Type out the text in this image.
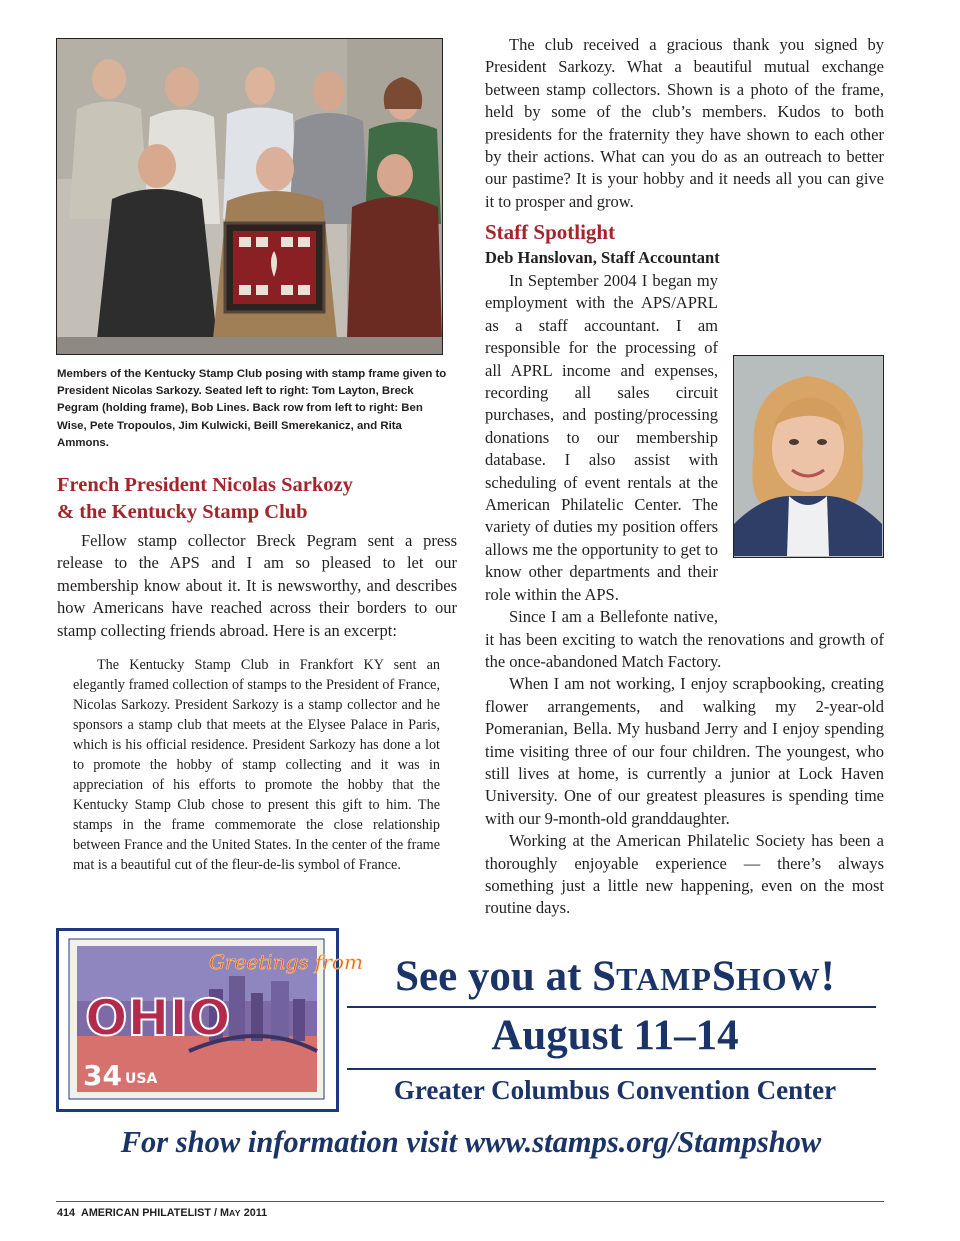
Members of the Kentucky Stamp Club posing with stamp frame given to President Nicolas Sarkozy. Seated left to right: Tom Layton, Breck Pegram (holding frame), Bob Lines. Back row from left to right: Ben Wise, Pete Tropoulos, Jim Kulwicki, Beill Smerekanicz, and Rita Ammons.

French President Nicolas Sarkozy
& the Kentucky Stamp Club

Fellow stamp collector Breck Pegram sent a press release to the APS and I am so pleased to let our membership know about it. It is newsworthy, and describes how Americans have reached across their borders to our stamp collecting friends abroad. Here is an excerpt:

The Kentucky Stamp Club in Frankfort KY sent an elegantly framed collection of stamps to the President of France, Nicolas Sarkozy. President Sarkozy is a stamp collector and he sponsors a stamp club that meets at the Elysee Palace in Paris, which is his official residence. President Sarkozy has done a lot to promote the hobby of stamp collecting and it was in appreciation of his efforts to promote the hobby that the Kentucky Stamp Club chose to present this gift to him. The stamps in the frame commemorate the close relationship between France and the United States. In the center of the frame mat is a beautiful cut of the fleur-de-lis symbol of France.

The club received a gracious thank you signed by President Sarkozy. What a beautiful mutual exchange between stamp collectors. Shown is a photo of the frame, held by some of the club’s members. Kudos to both presidents for the fraternity they have shown to each other by their actions. What can you do as an outreach to better our pastime? It is your hobby and it needs all you can give it to prosper and grow.

Staff Spotlight
Deb Hanslovan, Staff Accountant

In September 2004 I began my employment with the APS/APRL as a staff accountant. I am responsible for the processing of all APRL income and expenses, recording all sales circuit purchases, and posting/processing donations to our membership database. I also assist with scheduling of event rentals at the American Philatelic Center. The variety of duties my position offers allows me the opportunity to get to know other departments and their role within the APS.

Since I am a Bellefonte native, it has been exciting to watch the renovations and growth of the once-abandoned Match Factory.

When I am not working, I enjoy scrapbooking, creating flower arrangements, and walking my 2-year-old Pomeranian, Bella. My husband Jerry and I enjoy spending time visiting three of our four children. The youngest, who still lives at home, is currently a junior at Lock Haven University. One of our greatest pleasures is spending time with our 9-month-old granddaughter.

Working at the American Philatelic Society has been a thoroughly enjoyable experience — there’s always something just a little new happening, even on the most routine days.

Greetings from
OHIO
34 USA
See you at STAMPSHOW!
August 11–14
Greater Columbus Convention Center
For show information visit www.stamps.org/Stampshow
414 AMERICAN PHILATELIST / MAY 2011
